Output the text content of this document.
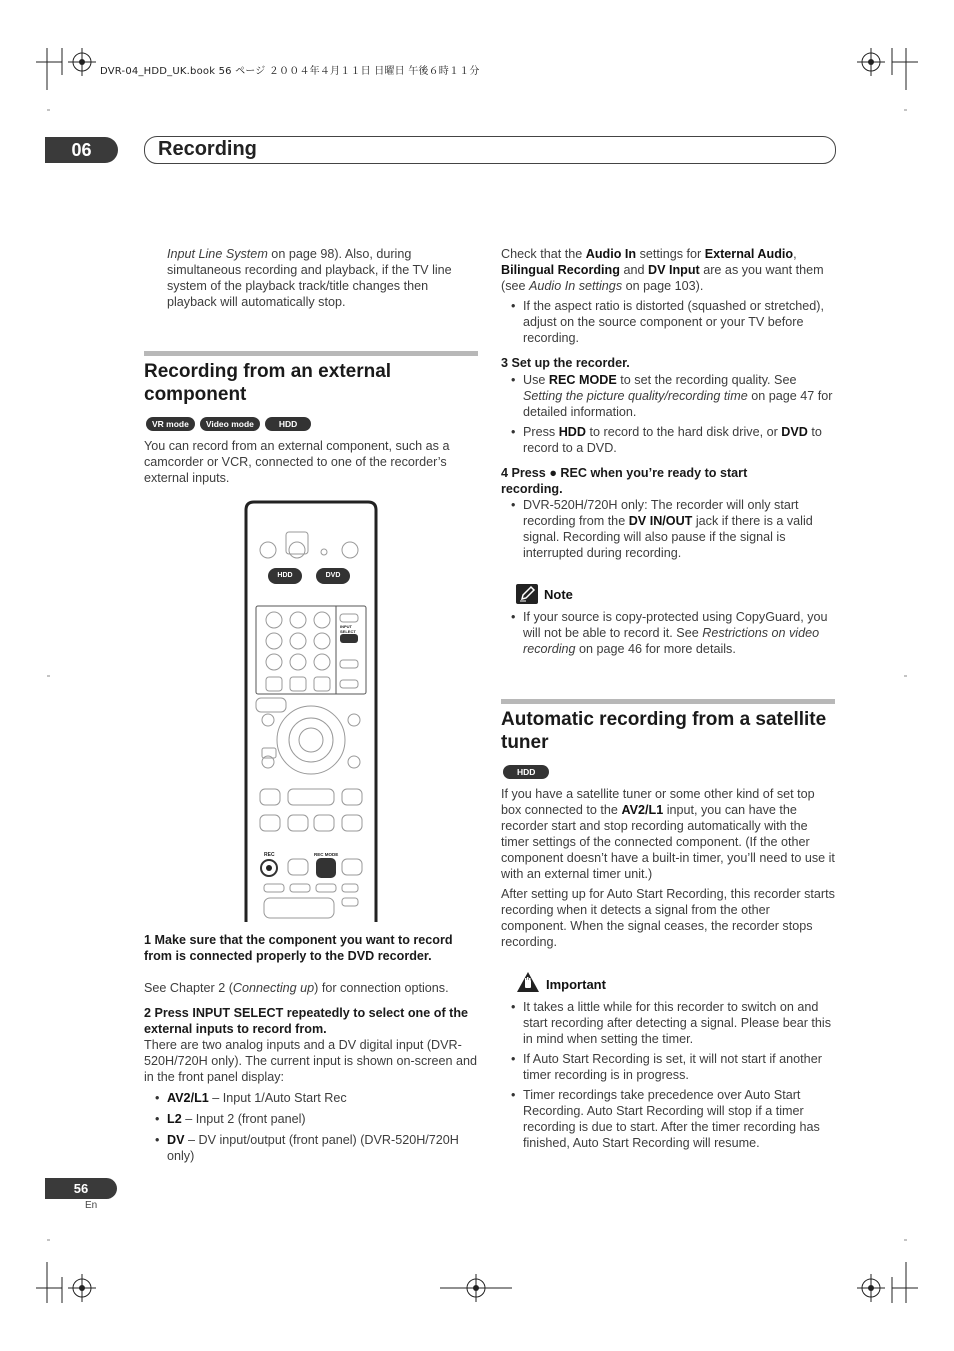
DVR-04_HDD_UK.book 56 ページ ２００４年４月１１日 日曜日 午後６時１１分
06	Recording
Input Line System on page 98). Also, during simultaneous recording and playback, if the TV line system of the playback track/title changes then playback will automatically stop.
Recording from an external component
VR mode Video mode	HDD
You can record from an external component, such as a camcorder or VCR, connected to one of the recorder’s external inputs.
HDD	DVD
INPUT SELECT
REC	REC MODE
1 Make sure that the component you want to record from is connected properly to the DVD recorder.
See Chapter 2 (Connecting up) for connection options.
2 Press INPUT SELECT repeatedly to select one of the external inputs to record from.
There are two analog inputs and a DV digital input (DVR-520H/720H only). The current input is shown on-screen and in the front panel display:
• AV2/L1 – Input 1/Auto Start Rec
• L2 – Input 2 (front panel)
• DV – DV input/output (front panel) (DVR-520H/720H only)
Check that the Audio In settings for External Audio, Bilingual Recording and DV Input are as you want them (see Audio In settings on page 103).
• If the aspect ratio is distorted (squashed or stretched), adjust on the source component or your TV before recording.
3 Set up the recorder.
• Use REC MODE to set the recording quality. See Setting the picture quality/recording time on page 47 for detailed information.
• Press HDD to record to the hard disk drive, or DVD to record to a DVD.
4 Press ● REC when you’re ready to start recording.
• DVR-520H/720H only: The recorder will only start recording from the DV IN/OUT jack if there is a valid signal. Recording will also pause if the signal is interrupted during recording.
Note
• If your source is copy-protected using CopyGuard, you will not be able to record it. See Restrictions on video recording on page 46 for more details.
Automatic recording from a satellite tuner
HDD
If you have a satellite tuner or some other kind of set top box connected to the AV2/L1 input, you can have the recorder start and stop recording automatically with the timer settings of the connected component. (If the other component doesn’t have a built-in timer, you’ll need to use it with an external timer unit.)
After setting up for Auto Start Recording, this recorder starts recording when it detects a signal from the other component. When the signal ceases, the recorder stops recording.
Important
• It takes a little while for this recorder to switch on and start recording after detecting a signal. Please bear this in mind when setting the timer.
• If Auto Start Recording is set, it will not start if another timer recording is in progress.
• Timer recordings take precedence over Auto Start Recording. Auto Start Recording will stop if a timer recording is due to start. After the timer recording has finished, Auto Start Recording will resume.
56
En
